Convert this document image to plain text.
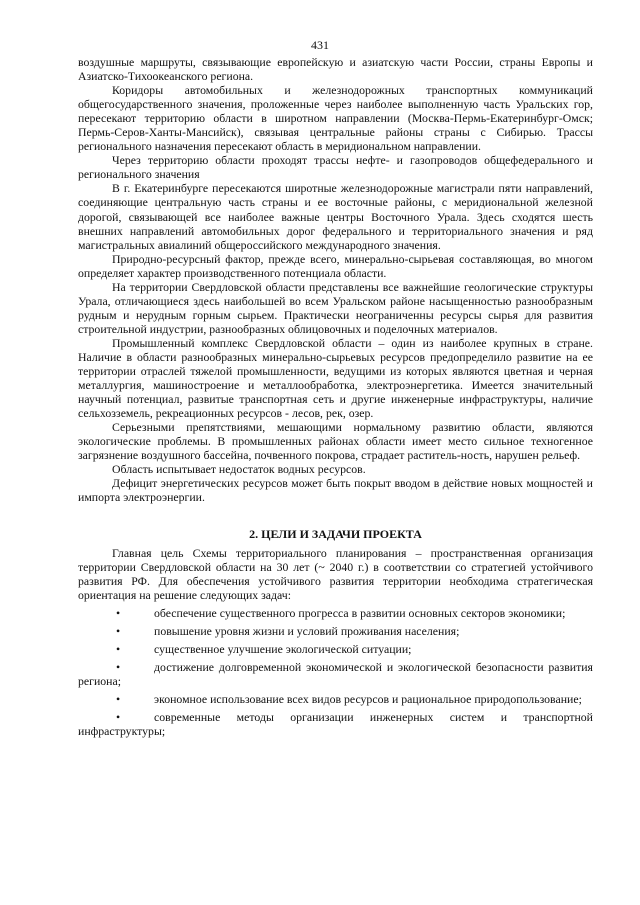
431

воздушные маршруты, связывающие европейскую и азиатскую части России, страны Европы и Азиатско-Тихоокеанского региона.

Коридоры автомобильных и железнодорожных транспортных коммуникаций общегосударственного значения, проложенные через наиболее выполненную часть Уральских гор, пересекают территорию области в широтном направлении (Москва-Пермь-Екатеринбург-Омск; Пермь-Серов-Ханты-Мансийск), связывая центральные районы страны с Сибирью. Трассы регионального назначения пересекают область в меридиональном направлении.

Через территорию области проходят трассы нефте- и газопроводов общефедерального и регионального значения

В г. Екатеринбурге пересекаются широтные железнодорожные магистрали пяти направлений, соединяющие центральную часть страны и ее восточные районы, с меридиональной железной дорогой, связывающей все наиболее важные центры Восточного Урала. Здесь сходятся шесть внешних направлений автомобильных дорог федерального и территориального значения и ряд магистральных авиалиний общероссийского международного значения.

Природно-ресурсный фактор, прежде всего, минерально-сырьевая составляющая, во многом определяет характер производственного потенциала области.

На территории Свердловской области представлены все важнейшие геологические структуры Урала, отличающиеся здесь наибольшей во всем Уральском районе насыщенностью разнообразным рудным и нерудным горным сырьем. Практически неограниченны ресурсы сырья для развития строительной индустрии, разнообразных облицовочных и поделочных материалов.

Промышленный комплекс Свердловской области – один из наиболее крупных в стране. Наличие в области разнообразных минерально-сырьевых ресурсов предопределило развитие на ее территории отраслей тяжелой промышленности, ведущими из которых являются цветная и черная металлургия, машиностроение и металлообработка, электроэнергетика. Имеется значительный научный потенциал, развитые транспортная сеть и другие инженерные инфраструктуры, наличие сельхозземель, рекреационных ресурсов - лесов, рек, озер.

Серьезными препятствиями, мешающими нормальному развитию области, являются экологические проблемы. В промышленных районах области имеет место сильное техногенное загрязнение воздушного бассейна, почвенного покрова, страдает раститель-ность, нарушен рельеф.

Область испытывает недостаток водных ресурсов.

Дефицит энергетических ресурсов может быть покрыт вводом в действие новых мощностей и импорта электроэнергии.

2. ЦЕЛИ И ЗАДАЧИ ПРОЕКТА

Главная цель Схемы территориального планирования – пространственная организация территории Свердловской области на 30 лет (~ 2040 г.) в соответствии со стратегией устойчивого развития РФ. Для обеспечения устойчивого развития территории необходима стратегическая ориентация на решение следующих задач:

•	обеспечение существенного прогресса в развитии основных секторов экономики;
•	повышение уровня жизни и условий проживания населения;
•	существенное улучшение экологической ситуации;
•	достижение долговременной экономической и экологической безопасности развития региона;
•	экономное использование всех видов ресурсов и рациональное природопользование;
•	современные методы организации инженерных систем и транспортной инфраструктуры;
